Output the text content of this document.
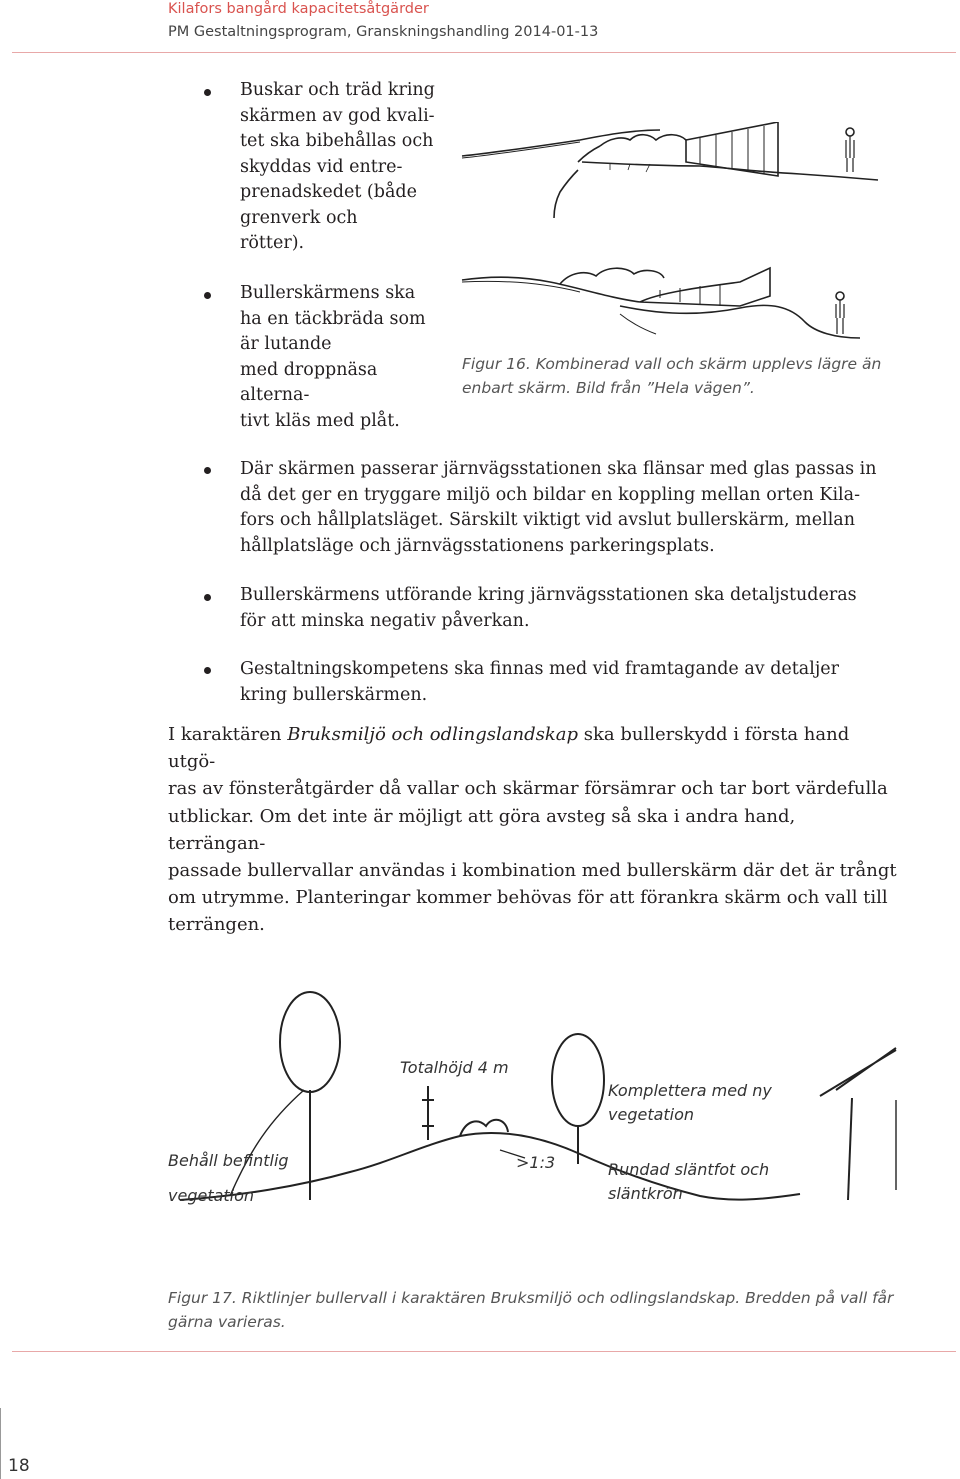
Kilafors bangård kapacitetsåtgärder
PM Gestaltningsprogram, Granskningshandling 2014-01-13
Buskar och träd kring
skärmen av god kvali-
tet ska bibehållas och
skyddas vid entre-
prenadskedet (både
grenverk och
rötter).
Bullerskärmens ska
ha en täckbräda som
är lutande
med droppnäsa
alterna-
tivt kläs med plåt.
Figur 16. Kombinerad vall och skärm upplevs lägre än
enbart skärm. Bild från ”Hela vägen”.
Där skärmen passerar järnvägsstationen ska flänsar med glas passas in
då det ger en tryggare miljö och bildar en koppling mellan orten Kila-
fors och hållplatsläget. Särskilt viktigt vid avslut bullerskärm, mellan
hållplatsläge och järnvägsstationens parkeringsplats.
Bullerskärmens utförande kring järnvägsstationen ska detaljstuderas
för att minska negativ påverkan.
Gestaltningskompetens ska finnas med vid framtagande av detaljer
kring bullerskärmen.
I karaktären Bruksmiljö och odlingslandskap ska bullerskydd i första hand utgö-
ras av fönsteråtgärder då vallar och skärmar försämrar och tar bort värdefulla
utblickar. Om det inte är möjligt att göra avsteg så ska i andra hand, terrängan-
passade bullervallar användas i kombination med bullerskärm där det är trångt
om utrymme. Planteringar kommer behövas för att förankra skärm och vall till
terrängen.
Totalhöjd 4 m
Komplettera med ny
vegetation
Behåll befintlig
vegetation
>1:3	Rundad släntfot och
släntkrön
Figur 17. Riktlinjer bullervall i karaktären Bruksmiljö och odlingslandskap. Bredden på vall får
gärna varieras.
18
